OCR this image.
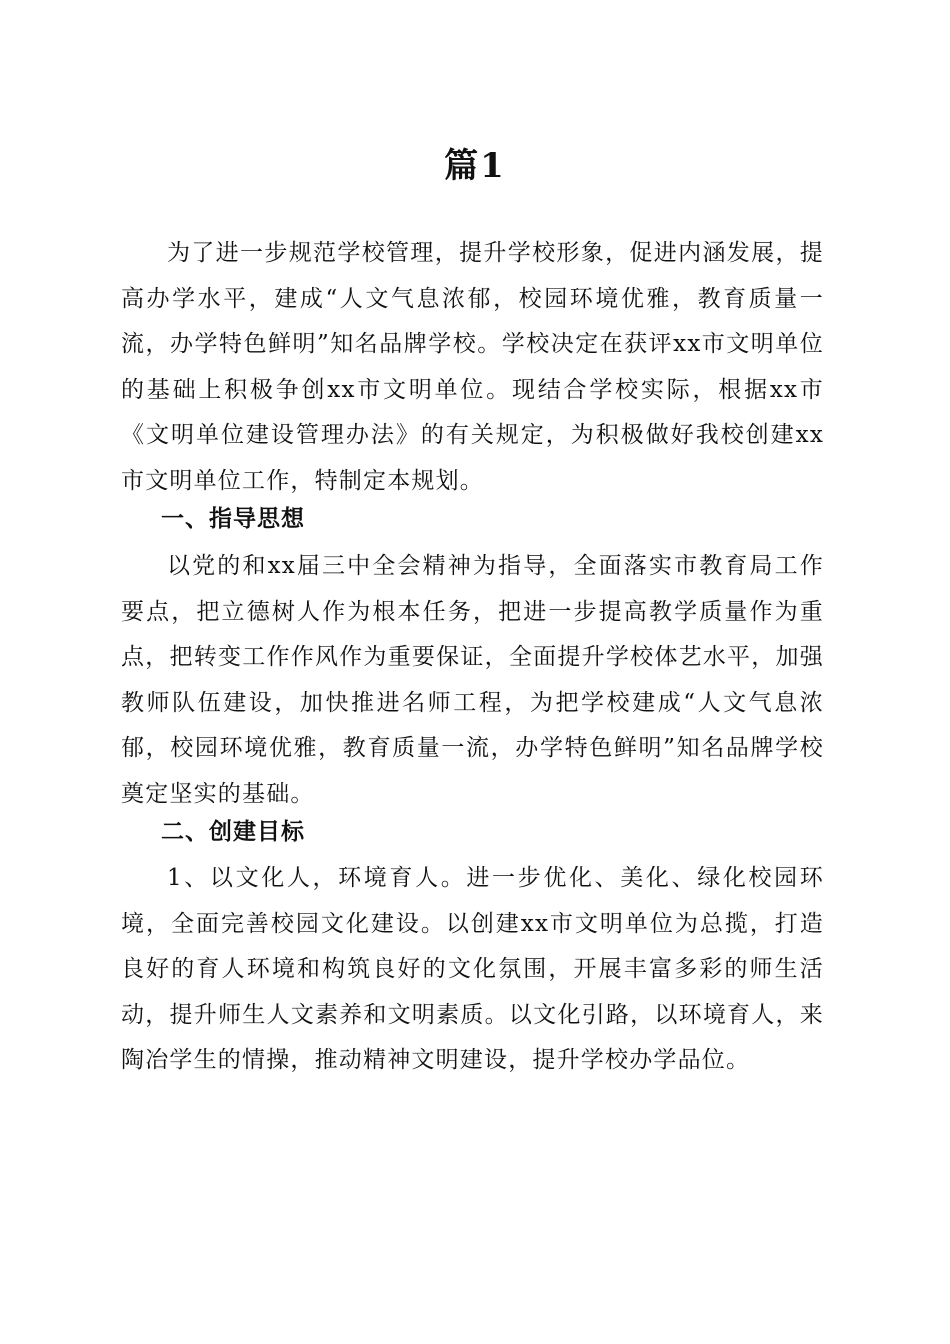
篇1

为了进一步规范学校管理，提升学校形象，促进内涵发展，提高办学水平，建成“人文气息浓郁，校园环境优雅，教育质量一流，办学特色鲜明”知名品牌学校。学校决定在获评xx市文明单位的基础上积极争创xx市文明单位。现结合学校实际，根据xx市《文明单位建设管理办法》的有关规定，为积极做好我校创建xx市文明单位工作，特制定本规划。

一、指导思想

以党的和xx届三中全会精神为指导，全面落实市教育局工作要点，把立德树人作为根本任务，把进一步提高教学质量作为重点，把转变工作作风作为重要保证，全面提升学校体艺水平，加强教师队伍建设，加快推进名师工程，为把学校建成“人文气息浓郁，校园环境优雅，教育质量一流，办学特色鲜明”知名品牌学校奠定坚实的基础。

二、创建目标

1、以文化人，环境育人。进一步优化、美化、绿化校园环境，全面完善校园文化建设。以创建xx市文明单位为总揽，打造良好的育人环境和构筑良好的文化氛围，开展丰富多彩的师生活动，提升师生人文素养和文明素质。以文化引路，以环境育人，来陶冶学生的情操，推动精神文明建设，提升学校办学品位。
